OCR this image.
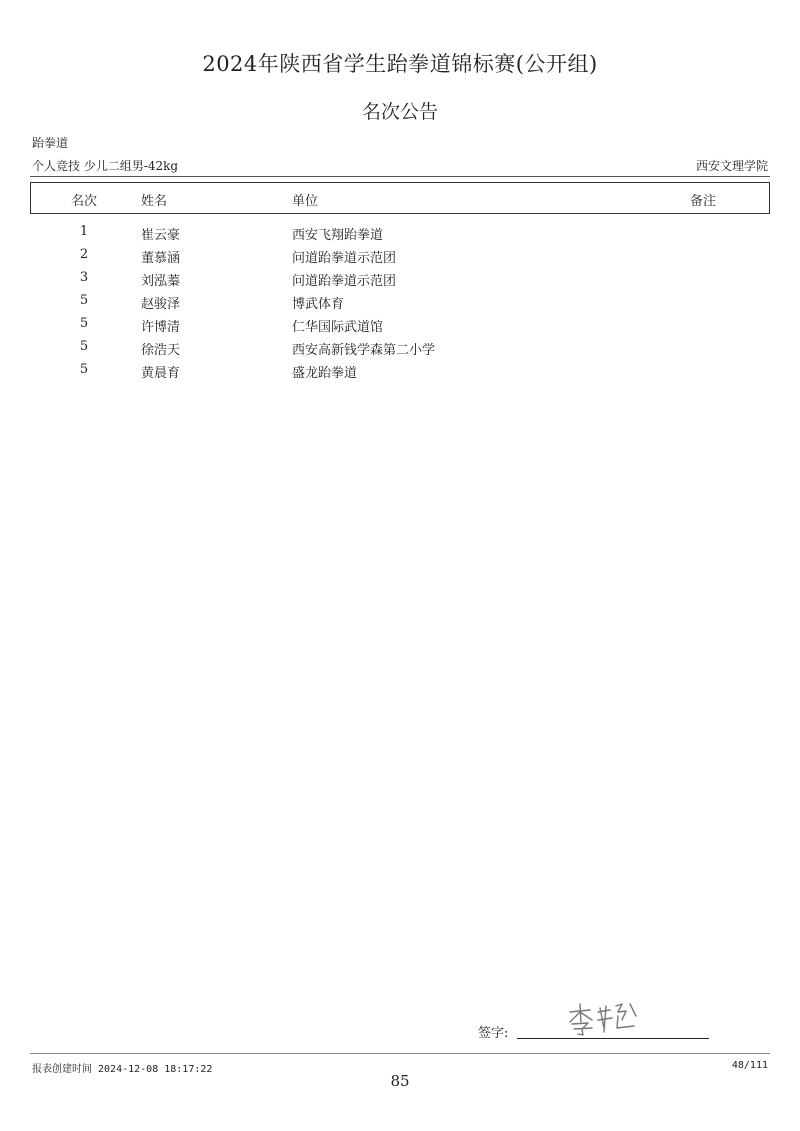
2024年陕西省学生跆拳道锦标赛(公开组)
名次公告
跆拳道
个人竞技 少儿二组男-42kg	西安文理学院
名次	姓名	单位	备注
1	崔云豪	西安飞翔跆拳道
2	董慕涵	问道跆拳道示范团
3	刘泓蓁	问道跆拳道示范团
5	赵骏泽	博武体育
5	许博清	仁华国际武道馆
5	徐浩天	西安高新钱学森第二小学
5	黄晨育	盛龙跆拳道
签字:
报表创建时间 2024-12-08 18:17:22	48/111
85
